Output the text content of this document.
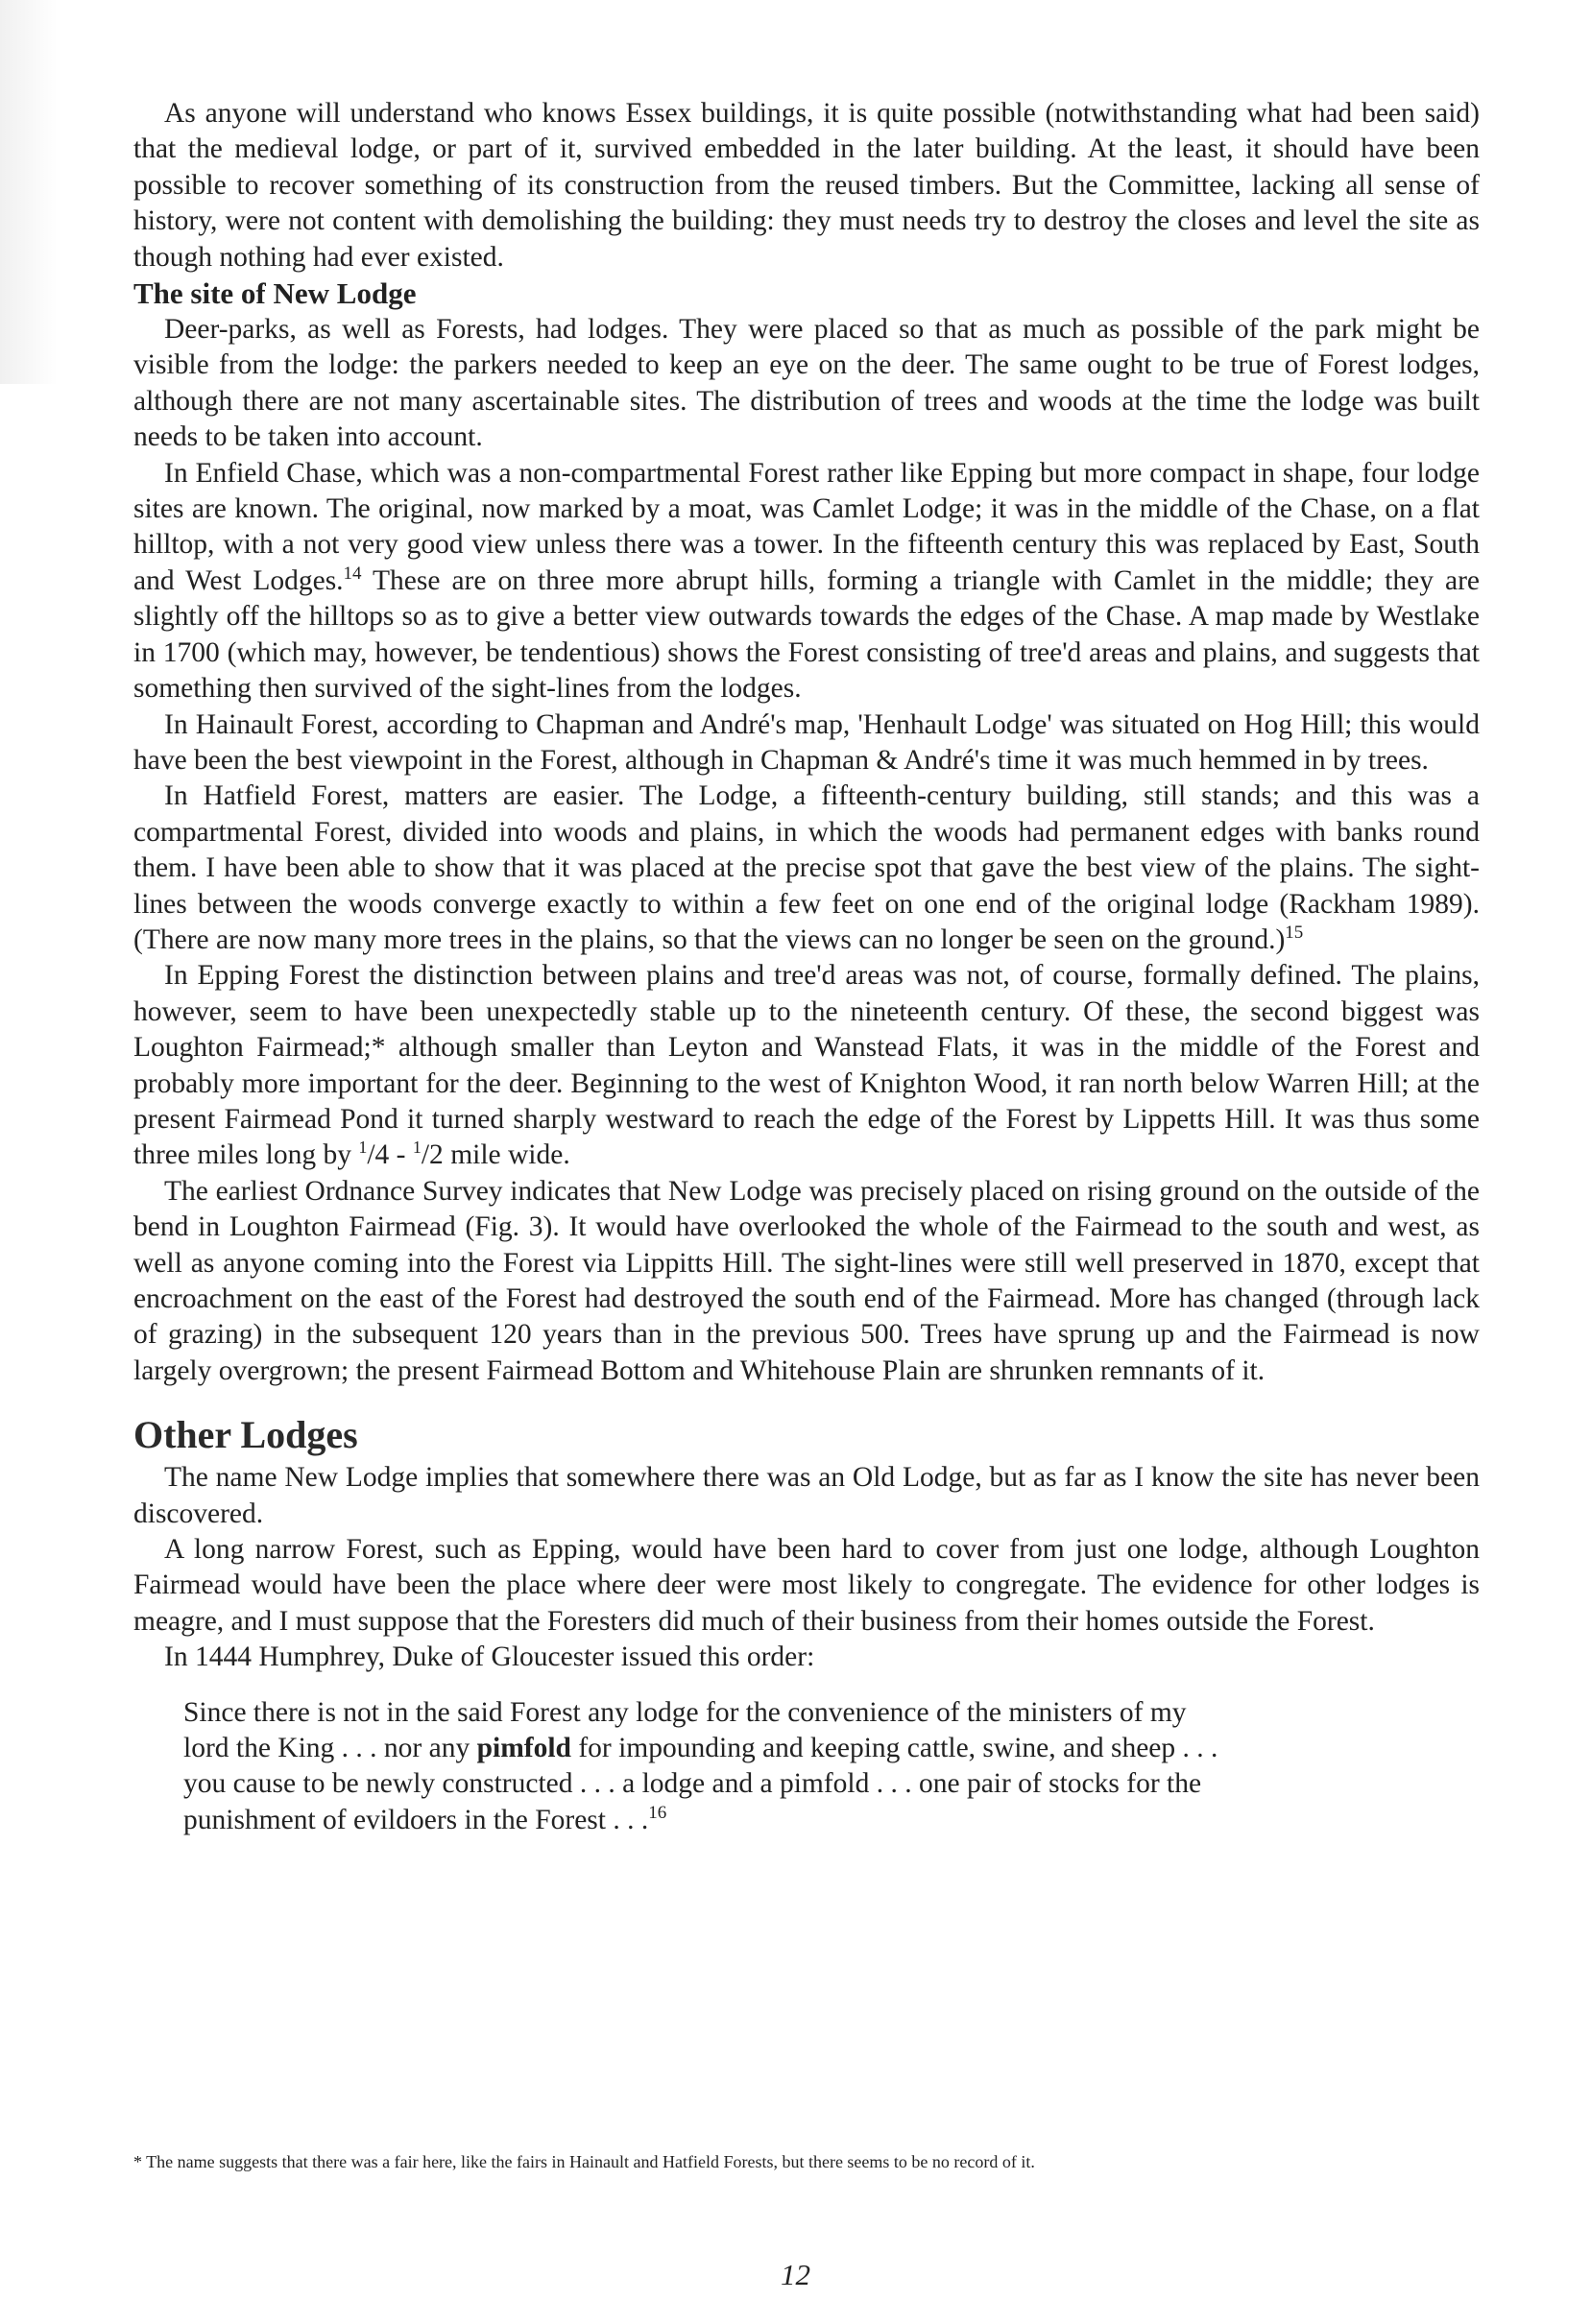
As anyone will understand who knows Essex buildings, it is quite possible (notwithstanding what had been said) that the medieval lodge, or part of it, survived embedded in the later building. At the least, it should have been possible to recover something of its construction from the reused timbers. But the Committee, lacking all sense of history, were not content with demolishing the building: they must needs try to destroy the closes and level the site as though nothing had ever existed.

The site of New Lodge

Deer-parks, as well as Forests, had lodges. They were placed so that as much as possible of the park might be visible from the lodge: the parkers needed to keep an eye on the deer. The same ought to be true of Forest lodges, although there are not many ascertainable sites. The distribution of trees and woods at the time the lodge was built needs to be taken into account.

In Enfield Chase, which was a non-compartmental Forest rather like Epping but more compact in shape, four lodge sites are known. The original, now marked by a moat, was Camlet Lodge; it was in the middle of the Chase, on a flat hilltop, with a not very good view unless there was a tower. In the fifteenth century this was replaced by East, South and West Lodges.$^{14}$ These are on three more abrupt hills, forming a triangle with Camlet in the middle; they are slightly off the hilltops so as to give a better view outwards towards the edges of the Chase. A map made by Westlake in 1700 (which may, however, be tendentious) shows the Forest consisting of tree'd areas and plains, and suggests that something then survived of the sight-lines from the lodges.

In Hainault Forest, according to Chapman and André's map, 'Henhault Lodge' was situated on Hog Hill; this would have been the best viewpoint in the Forest, although in Chapman & André's time it was much hemmed in by trees.

In Hatfield Forest, matters are easier. The Lodge, a fifteenth-century building, still stands; and this was a compartmental Forest, divided into woods and plains, in which the woods had permanent edges with banks round them. I have been able to show that it was placed at the precise spot that gave the best view of the plains. The sight-lines between the woods converge exactly to within a few feet on one end of the original lodge (Rackham 1989). (There are now many more trees in the plains, so that the views can no longer be seen on the ground.)$^{15}$

In Epping Forest the distinction between plains and tree'd areas was not, of course, formally defined. The plains, however, seem to have been unexpectedly stable up to the nineteenth century. Of these, the second biggest was Loughton Fairmead;* although smaller than Leyton and Wanstead Flats, it was in the middle of the Forest and probably more important for the deer. Beginning to the west of Knighton Wood, it ran north below Warren Hill; at the present Fairmead Pond it turned sharply westward to reach the edge of the Forest by Lippetts Hill. It was thus some three miles long by $^1$/4 - $^1$/2 mile wide.

The earliest Ordnance Survey indicates that New Lodge was precisely placed on rising ground on the outside of the bend in Loughton Fairmead (Fig. 3). It would have overlooked the whole of the Fairmead to the south and west, as well as anyone coming into the Forest via Lippitts Hill. The sight-lines were still well preserved in 1870, except that encroachment on the east of the Forest had destroyed the south end of the Fairmead. More has changed (through lack of grazing) in the subsequent 120 years than in the previous 500. Trees have sprung up and the Fairmead is now largely overgrown; the present Fairmead Bottom and Whitehouse Plain are shrunken remnants of it.

Other Lodges

The name New Lodge implies that somewhere there was an Old Lodge, but as far as I know the site has never been discovered.

A long narrow Forest, such as Epping, would have been hard to cover from just one lodge, although Loughton Fairmead would have been the place where deer were most likely to congregate. The evidence for other lodges is meagre, and I must suppose that the Foresters did much of their business from their homes outside the Forest.

In 1444 Humphrey, Duke of Gloucester issued this order:

Since there is not in the said Forest any lodge for the convenience of the ministers of my
lord the King . . . nor any pimfold for impounding and keeping cattle, swine, and sheep . . .
you cause to be newly constructed . . . a lodge and a pimfold . . . one pair of stocks for the
punishment of evildoers in the Forest . . .$^{16}$
* The name suggests that there was a fair here, like the fairs in Hainault and Hatfield Forests, but there seems to be no record of it.
12
